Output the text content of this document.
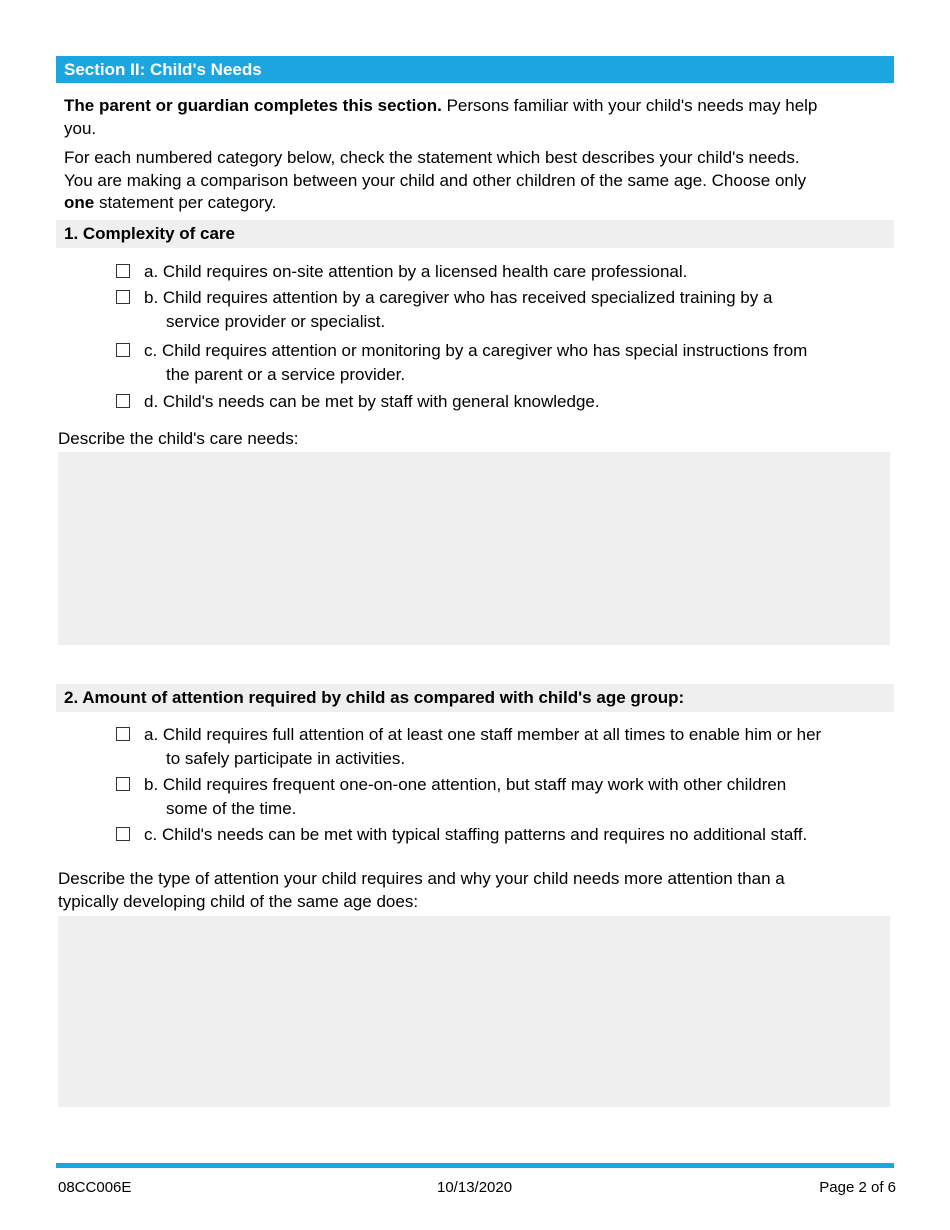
Section II: Child's Needs
The parent or guardian completes this section. Persons familiar with your child's needs may help
you.
For each numbered category below, check the statement which best describes your child's needs.
You are making a comparison between your child and other children of the same age. Choose only
one statement per category.
1. Complexity of care
a. Child requires on-site attention by a licensed health care professional.
b. Child requires attention by a caregiver who has received specialized training by a
service provider or specialist.
c. Child requires attention or monitoring by a caregiver who has special instructions from
the parent or a service provider.
d. Child's needs can be met by staff with general knowledge.
Describe the child's care needs:
2. Amount of attention required by child as compared with child's age group:
a. Child requires full attention of at least one staff member at all times to enable him or her
to safely participate in activities.
b. Child requires frequent one-on-one attention, but staff may work with other children
some of the time.
c. Child's needs can be met with typical staffing patterns and requires no additional staff.
Describe the type of attention your child requires and why your child needs more attention than a
typically developing child of the same age does:
08CC006E	10/13/2020	Page 2 of 6
